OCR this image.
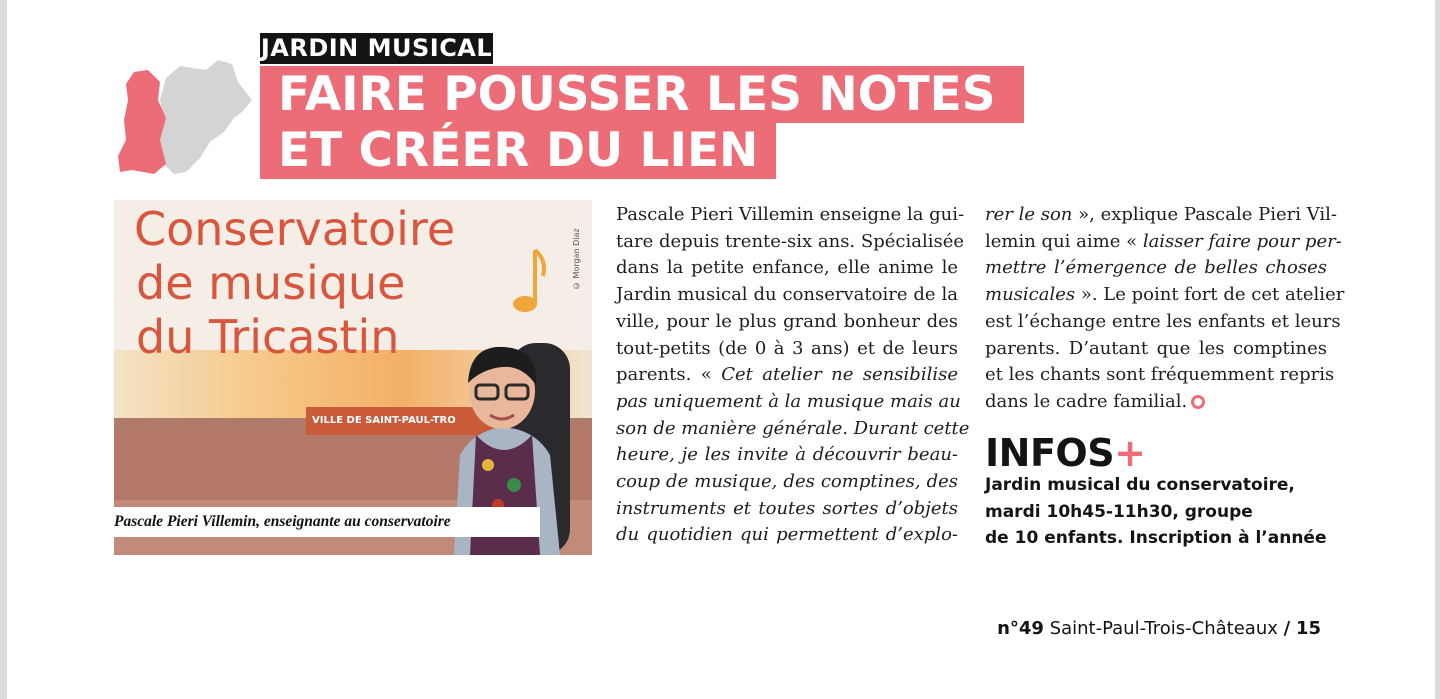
JARDIN MUSICAL
FAIRE POUSSER LES NOTES
ET CRÉER DU LIEN
Conservatoire
de musique
du Tricastin
VILLE DE SAINT-PAUL-TRO
© Morgan Diaz
Pascale Pieri Villemin, enseignante au conservatoire
Pascale Pieri Villemin enseigne la gui-
tare depuis trente-six ans. Spécialisée
dans la petite enfance, elle anime le
Jardin musical du conservatoire de la
ville, pour le plus grand bonheur des
tout-petits (de 0 à 3 ans) et de leurs
parents. « Cet atelier ne sensibilise
pas uniquement à la musique mais au
son de manière générale. Durant cette
heure, je les invite à découvrir beau-
coup de musique, des comptines, des
instruments et toutes sortes d’objets
du quotidien qui permettent d’explo-
rer le son », explique Pascale Pieri Vil-
lemin qui aime « laisser faire pour per-
mettre l’émergence de belles choses
musicales ». Le point fort de cet atelier
est l’échange entre les enfants et leurs
parents. D’autant que les comptines
et les chants sont fréquemment repris
dans le cadre familial.
INFOS+
Jardin musical du conservatoire,
mardi 10h45-11h30, groupe
de 10 enfants. Inscription à l’année
n°49 Saint-Paul-Trois-Châteaux / 15
